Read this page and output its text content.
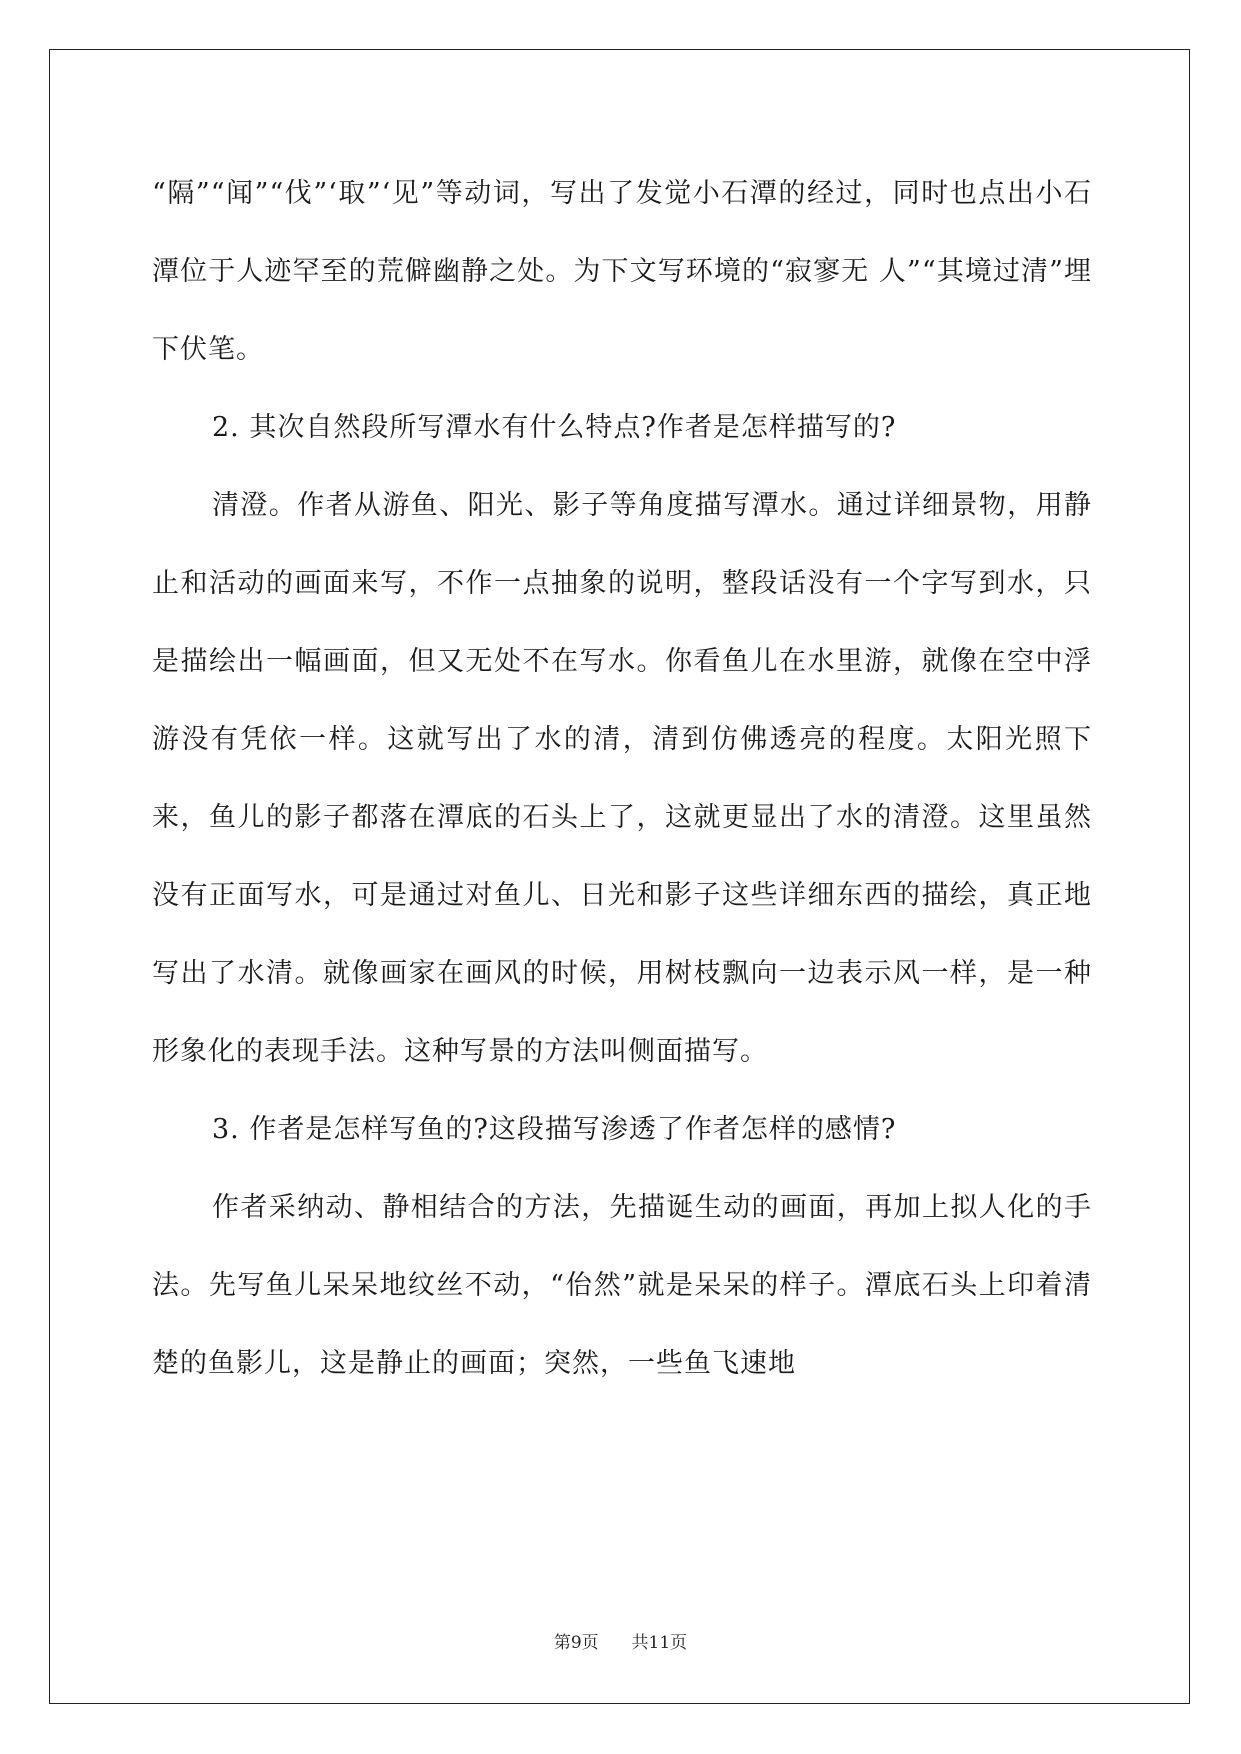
“隔”“闻”“伐”‘取”‘见”等动词，写出了发觉小石潭的经过，同时也点出小石潭位于人迹罕至的荒僻幽静之处。为下文写环境的“寂寥无 人”“其境过清”埋下伏笔。

2. 其次自然段所写潭水有什么特点?作者是怎样描写的?

清澄。作者从游鱼、阳光、影子等角度描写潭水。通过详细景物，用静止和活动的画面来写，不作一点抽象的说明，整段话没有一个字写到水，只是描绘出一幅画面，但又无处不在写水。你看鱼儿在水里游，就像在空中浮游没有凭依一样。这就写出了水的清，清到仿佛透亮的程度。太阳光照下来，鱼儿的影子都落在潭底的石头上了，这就更显出了水的清澄。这里虽然没有正面写水，可是通过对鱼儿、日光和影子这些详细东西的描绘，真正地写出了水清。就像画家在画风的时候，用树枝飘向一边表示风一样，是一种形象化的表现手法。这种写景的方法叫侧面描写。

3. 作者是怎样写鱼的?这段描写渗透了作者怎样的感情?

作者采纳动、静相结合的方法，先描诞生动的画面，再加上拟人化的手法。先写鱼儿呆呆地纹丝不动，“佁然”就是呆呆的样子。潭底石头上印着清楚的鱼影儿，这是静止的画面；突然，一些鱼飞速地

第9页 共11页
